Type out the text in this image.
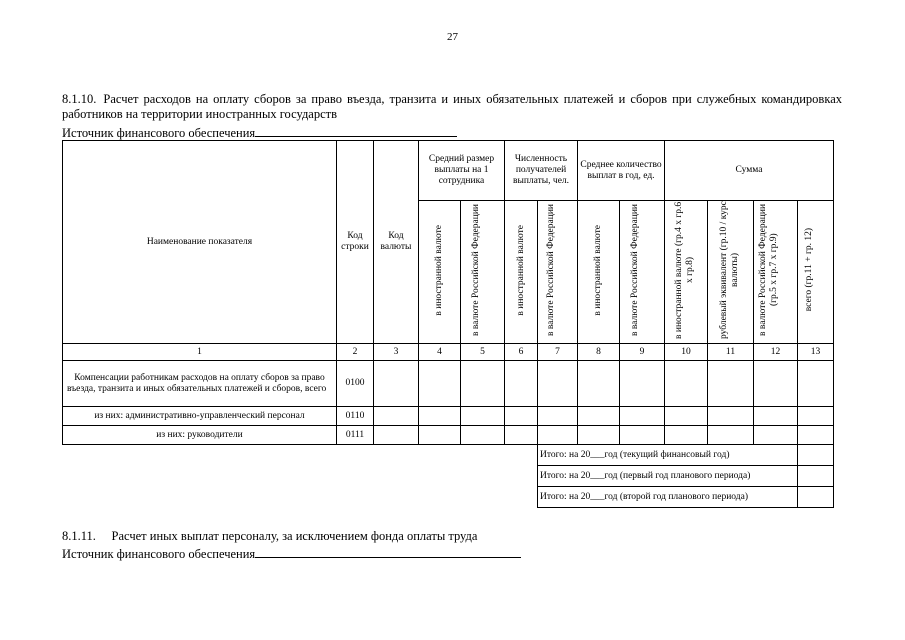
27
8.1.10. Расчет расходов на оплату сборов за право въезда, транзита и иных обязательных платежей и сборов при служебных командировках работников на территории иностранных государств
Источник финансового обеспечения
Наименование показателя	Код строки	Код валюты	Средний размер выплаты на 1 сотрудника		Численность получателей выплаты, чел.		Среднее количество выплат в год, ед.		Сумма			
			в иностранной валюте	в валюте Российской Федерации	в иностранной валюте	в валюте Российской Федерации	в иностранной валюте	в валюте Российской Федерации	в иностранной валюте (гр.4 х гр.6 х гр.8)	рублевый эквивалент (гр.10 / курс валюты)	в валюте Российской Федерации (гр.5 х гр.7 х гр.9)	всего (гр.11 + гр. 12)
1	2	3	4	5	6	7	8	9	10	11	12	13
Компенсации работникам расходов на оплату сборов за право въезда, транзита и иных обязательных платежей и сборов, всего	0100											
из них: административно-управленческий персонал	0110											
из них: руководители	0111											
						Итого: на 20___год (текущий финансовый год)						
						Итого: на 20___год (первый год планового периода)						
						Итого: на 20___год (второй год планового периода)						
8.1.11. Расчет иных выплат персоналу, за исключением фонда оплаты труда
Источник финансового обеспечения
